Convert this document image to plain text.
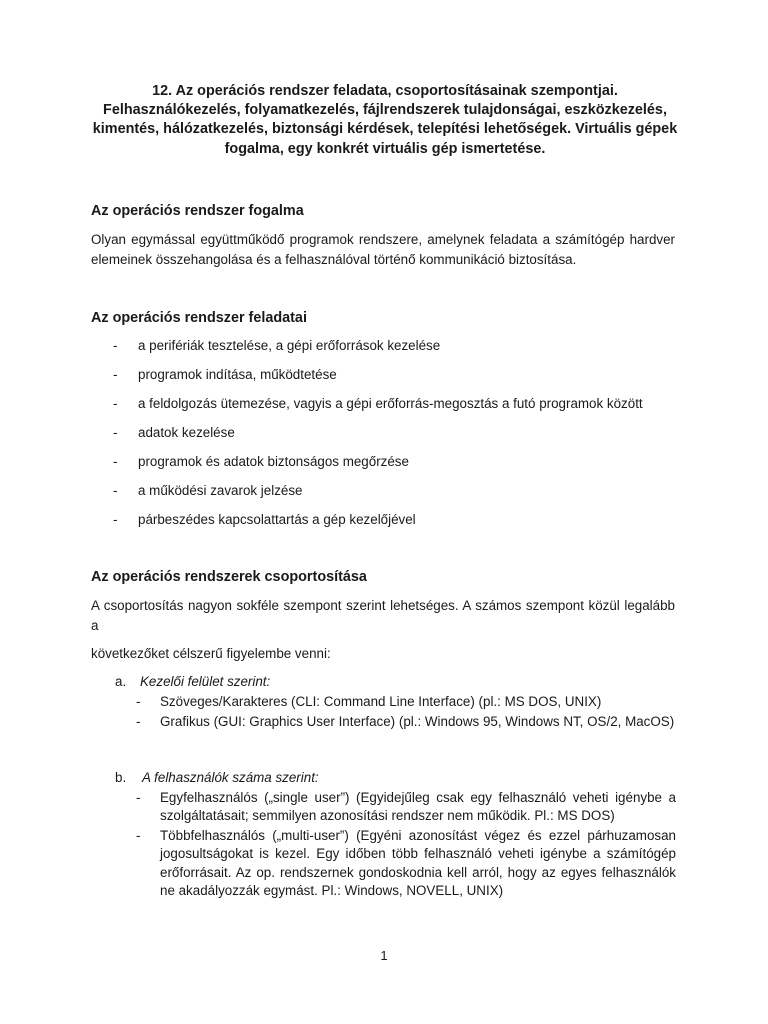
12. Az operációs rendszer feladata, csoportosításainak szempontjai. Felhasználókezelés, folyamatkezelés, fájlrendszerek tulajdonságai, eszközkezelés, kimentés, hálózatkezelés, biztonsági kérdések, telepítési lehetőségek. Virtuális gépek fogalma, egy konkrét virtuális gép ismertetése.
Az operációs rendszer fogalma
Olyan egymással együttműködő programok rendszere, amelynek feladata a számítógép hardver elemeinek összehangolása és a felhasználóval történő kommunikáció biztosítása.
Az operációs rendszer feladatai
-	a perifériák tesztelése, a gépi erőforrások kezelése
-	programok indítása, működtetése
-	a feldolgozás ütemezése, vagyis a gépi erőforrás-megosztás a futó programok között
-	adatok kezelése
-	programok és adatok biztonságos megőrzése
-	a működési zavarok jelzése
-	párbeszédes kapcsolattartás a gép kezelőjével
Az operációs rendszerek csoportosítása
A csoportosítás nagyon sokféle szempont szerint lehetséges. A számos szempont közül legalább a
következőket célszerű figyelembe venni:
a. Kezelői felület szerint:
- Szöveges/Karakteres (CLI: Command Line Interface) (pl.: MS DOS, UNIX)
- Grafikus (GUI: Graphics User Interface) (pl.: Windows 95, Windows NT, OS/2, MacOS)
b. A felhasználók száma szerint:
- Egyfelhasználós („single user”) (Egyidejűleg csak egy felhasználó veheti igénybe a szolgáltatásait; semmilyen azonosítási rendszer nem működik. Pl.: MS DOS)
- Többfelhasználós („multi-user”) (Egyéni azonosítást végez és ezzel párhuzamosan jogosultságokat is kezel. Egy időben több felhasználó veheti igénybe a számítógép erőforrásait. Az op. rendszernek gondoskodnia kell arról, hogy az egyes felhasználók ne akadályozzák egymást. Pl.: Windows, NOVELL, UNIX)
1
